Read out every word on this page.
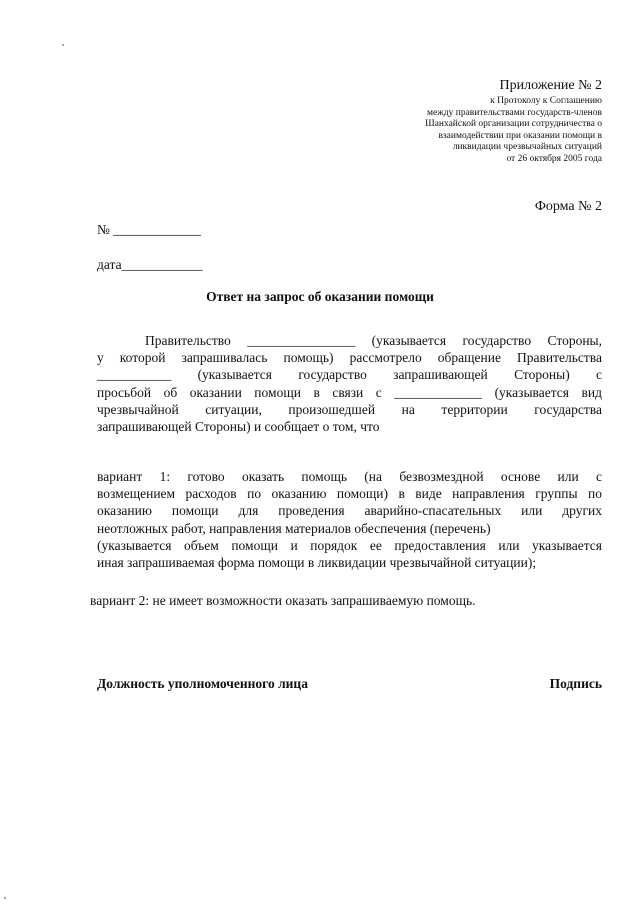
Приложение № 2
к Протоколу к Соглашению
между правительствами государств-членов
Шанхайской организации сотрудничества о
взаимодействии при оказании помощи в
ликвидации чрезвычайных ситуаций
от 26 октября 2005 года
Форма № 2
№ _____________
дата____________
Ответ на запрос об оказании помощи
Правительство ________________ (указывается государство Стороны,
у которой запрашивалась помощь) рассмотрело обращение Правительства
___________ (указывается государство запрашивающей Стороны) с
просьбой об оказании помощи в связи с _____________ (указывается вид
чрезвычайной ситуации, произошедшей на территории государства
запрашивающей Стороны) и сообщает о том, что
вариант 1: готово оказать помощь (на безвозмездной основе или с
возмещением расходов по оказанию помощи) в виде направления группы по
оказанию помощи для проведения аварийно-спасательных или других
неотложных работ, направления материалов обеспечения (перечень)
(указывается объем помощи и порядок ее предоставления или указывается
иная запрашиваемая форма помощи в ликвидации чрезвычайной ситуации);
вариант 2: не имеет возможности оказать запрашиваемую помощь.
Должность уполномоченного лица	Подпись
